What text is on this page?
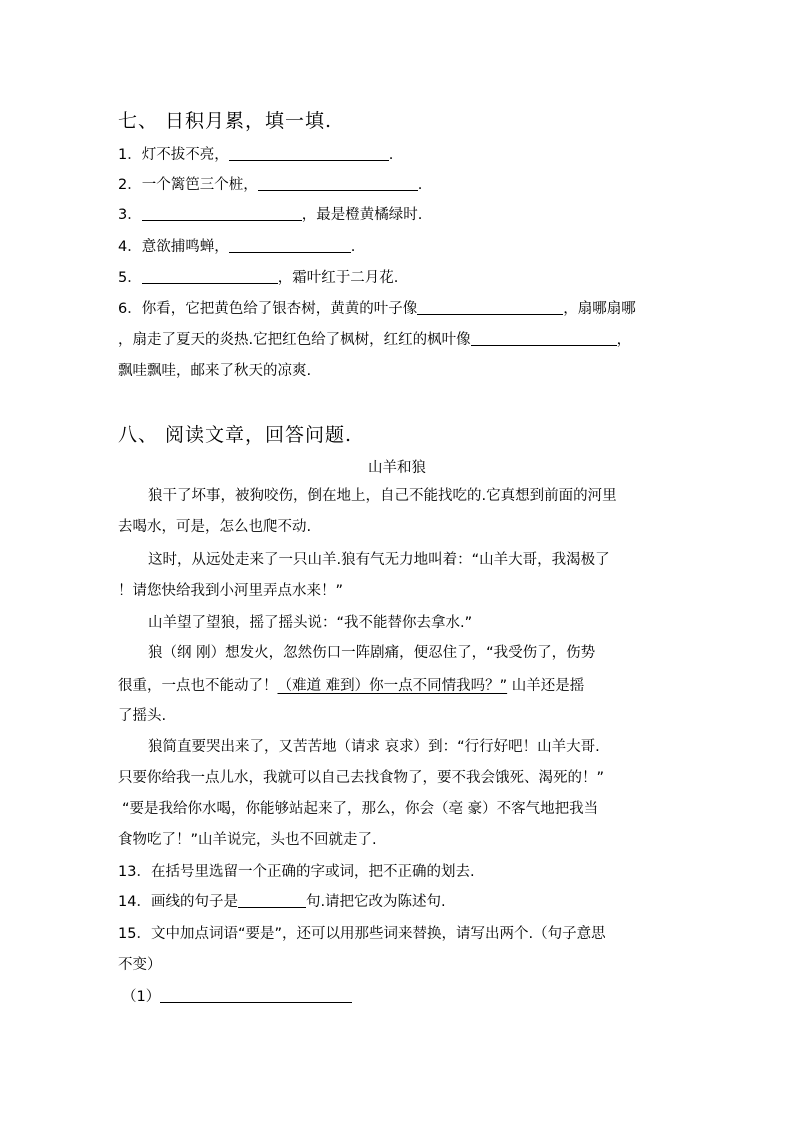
七、 日积月累，填一填.
1．灯不拔不亮，	.
2．一个篱笆三个桩，	.
3．	，最是橙黄橘绿时.
4．意欲捕鸣蝉，	.
5．	，霜叶红于二月花.
6．你看，它把黄色给了银杏树，黄黄的叶子像	，扇哪扇哪
，扇走了夏天的炎热.它把红色给了枫树，红红的枫叶像	，
飘哇飘哇，邮来了秋天的凉爽.
八、 阅读文章，回答问题.
山羊和狼
狼干了坏事，被狗咬伤，倒在地上，自己不能找吃的.它真想到前面的河里
去喝水，可是，怎么也爬不动.
这时，从远处走来了一只山羊.狼有气无力地叫着：“山羊大哥，我渴极了
！请您快给我到小河里弄点水来！”
山羊望了望狼，摇了摇头说：“我不能替你去拿水.”
狼（纲 刚）想发火，忽然伤口一阵剧痛，便忍住了，“我受伤了，伤势
很重，一点也不能动了！（难道 难到）你一点不同情我吗？” 山羊还是摇
了摇头.
狼简直要哭出来了，又苦苦地（请求 哀求）到：“行行好吧！山羊大哥.
只要你给我一点儿水，我就可以自己去找食物了，要不我会饿死、渴死的！”
“要是我给你水喝，你能够站起来了，那么，你会（亳 豪）不客气地把我当
食物吃了！”山羊说完，头也不回就走了.
13．在括号里选留一个正确的字或词，把不正确的划去.
14．画线的句子是	句.请把它改为陈述句.
15．文中加点词语“要是”，还可以用那些词来替换，请写出两个.（句子意思
不变）
（1）
